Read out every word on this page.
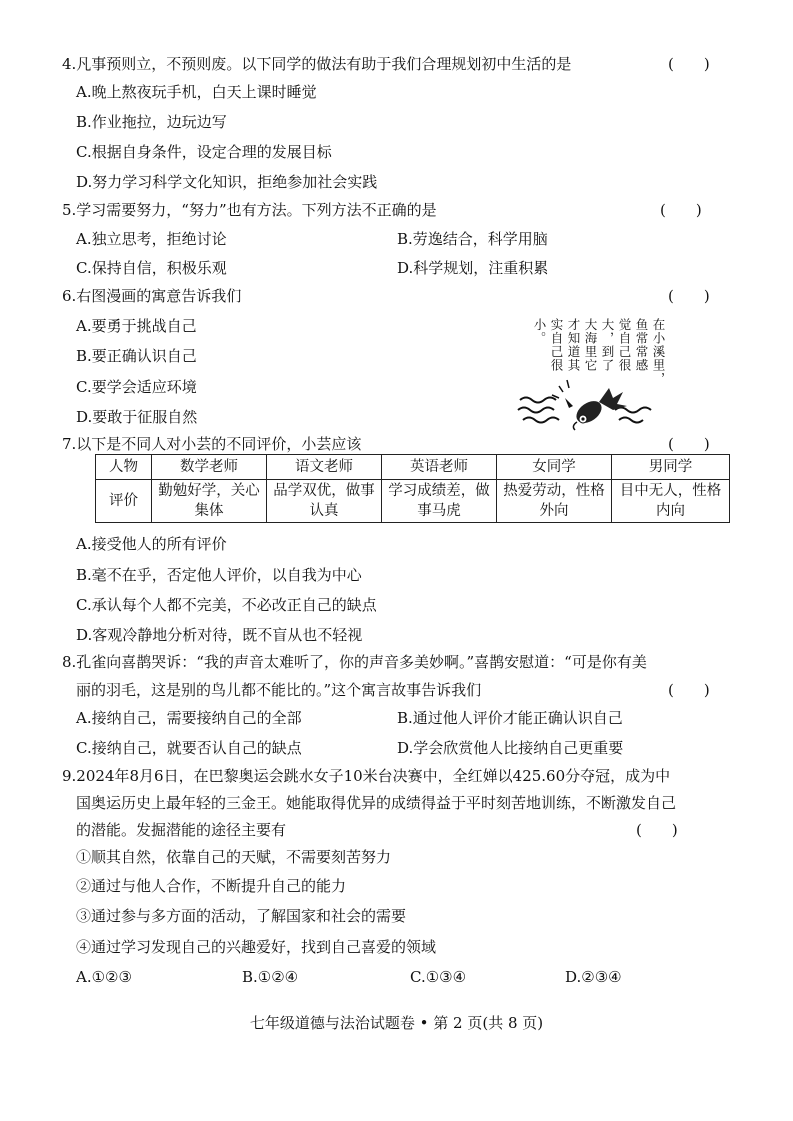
4.凡事预则立，不预则废。以下同学的做法有助于我们合理规划初中生活的是	(　　)
A.晚上熬夜玩手机，白天上课时睡觉
B.作业拖拉，边玩边写
C.根据自身条件，设定合理的发展目标
D.努力学习科学文化知识，拒绝参加社会实践
5.学习需要努力，“努力”也有方法。下列方法不正确的是	(　　)
A.独立思考，拒绝讨论	B.劳逸结合，科学用脑
C.保持自信，积极乐观	D.科学规划，注重积累
6.右图漫画的寓意告诉我们	(　　)
A.要勇于挑战自己
B.要正确认识自己
C.要学会适应环境
D.要敢于征服自然
在小溪里，
鱼常常感
觉自己很
大，到了
大海里它
才知道其
实自己很
小。
7.以下是不同人对小芸的不同评价，小芸应该	(　　)
人物	数学老师	语文老师	英语老师	女同学	男同学
评价	勤勉好学，关心集体	品学双优，做事认真	学习成绩差，做事马虎	热爱劳动，性格外向	目中无人，性格内向
A.接受他人的所有评价
B.毫不在乎，否定他人评价，以自我为中心
C.承认每个人都不完美，不必改正自己的缺点
D.客观冷静地分析对待，既不盲从也不轻视
8.孔雀向喜鹊哭诉：“我的声音太难听了，你的声音多美妙啊。”喜鹊安慰道：“可是你有美
丽的羽毛，这是别的鸟儿都不能比的。”这个寓言故事告诉我们	(　　)
A.接纳自己，需要接纳自己的全部	B.通过他人评价才能正确认识自己
C.接纳自己，就要否认自己的缺点	D.学会欣赏他人比接纳自己更重要
9.2024年8月6日，在巴黎奥运会跳水女子10米台决赛中，全红婵以425.60分夺冠，成为中
国奥运历史上最年轻的三金王。她能取得优异的成绩得益于平时刻苦地训练，不断激发自己
的潜能。发掘潜能的途径主要有	(　　)
①顺其自然，依靠自己的天赋，不需要刻苦努力
②通过与他人合作，不断提升自己的能力
③通过参与多方面的活动，了解国家和社会的需要
④通过学习发现自己的兴趣爱好，找到自己喜爱的领域
A.①②③	B.①②④	C.①③④	D.②③④
七年级道德与法治试题卷 • 第 2 页(共 8 页)
